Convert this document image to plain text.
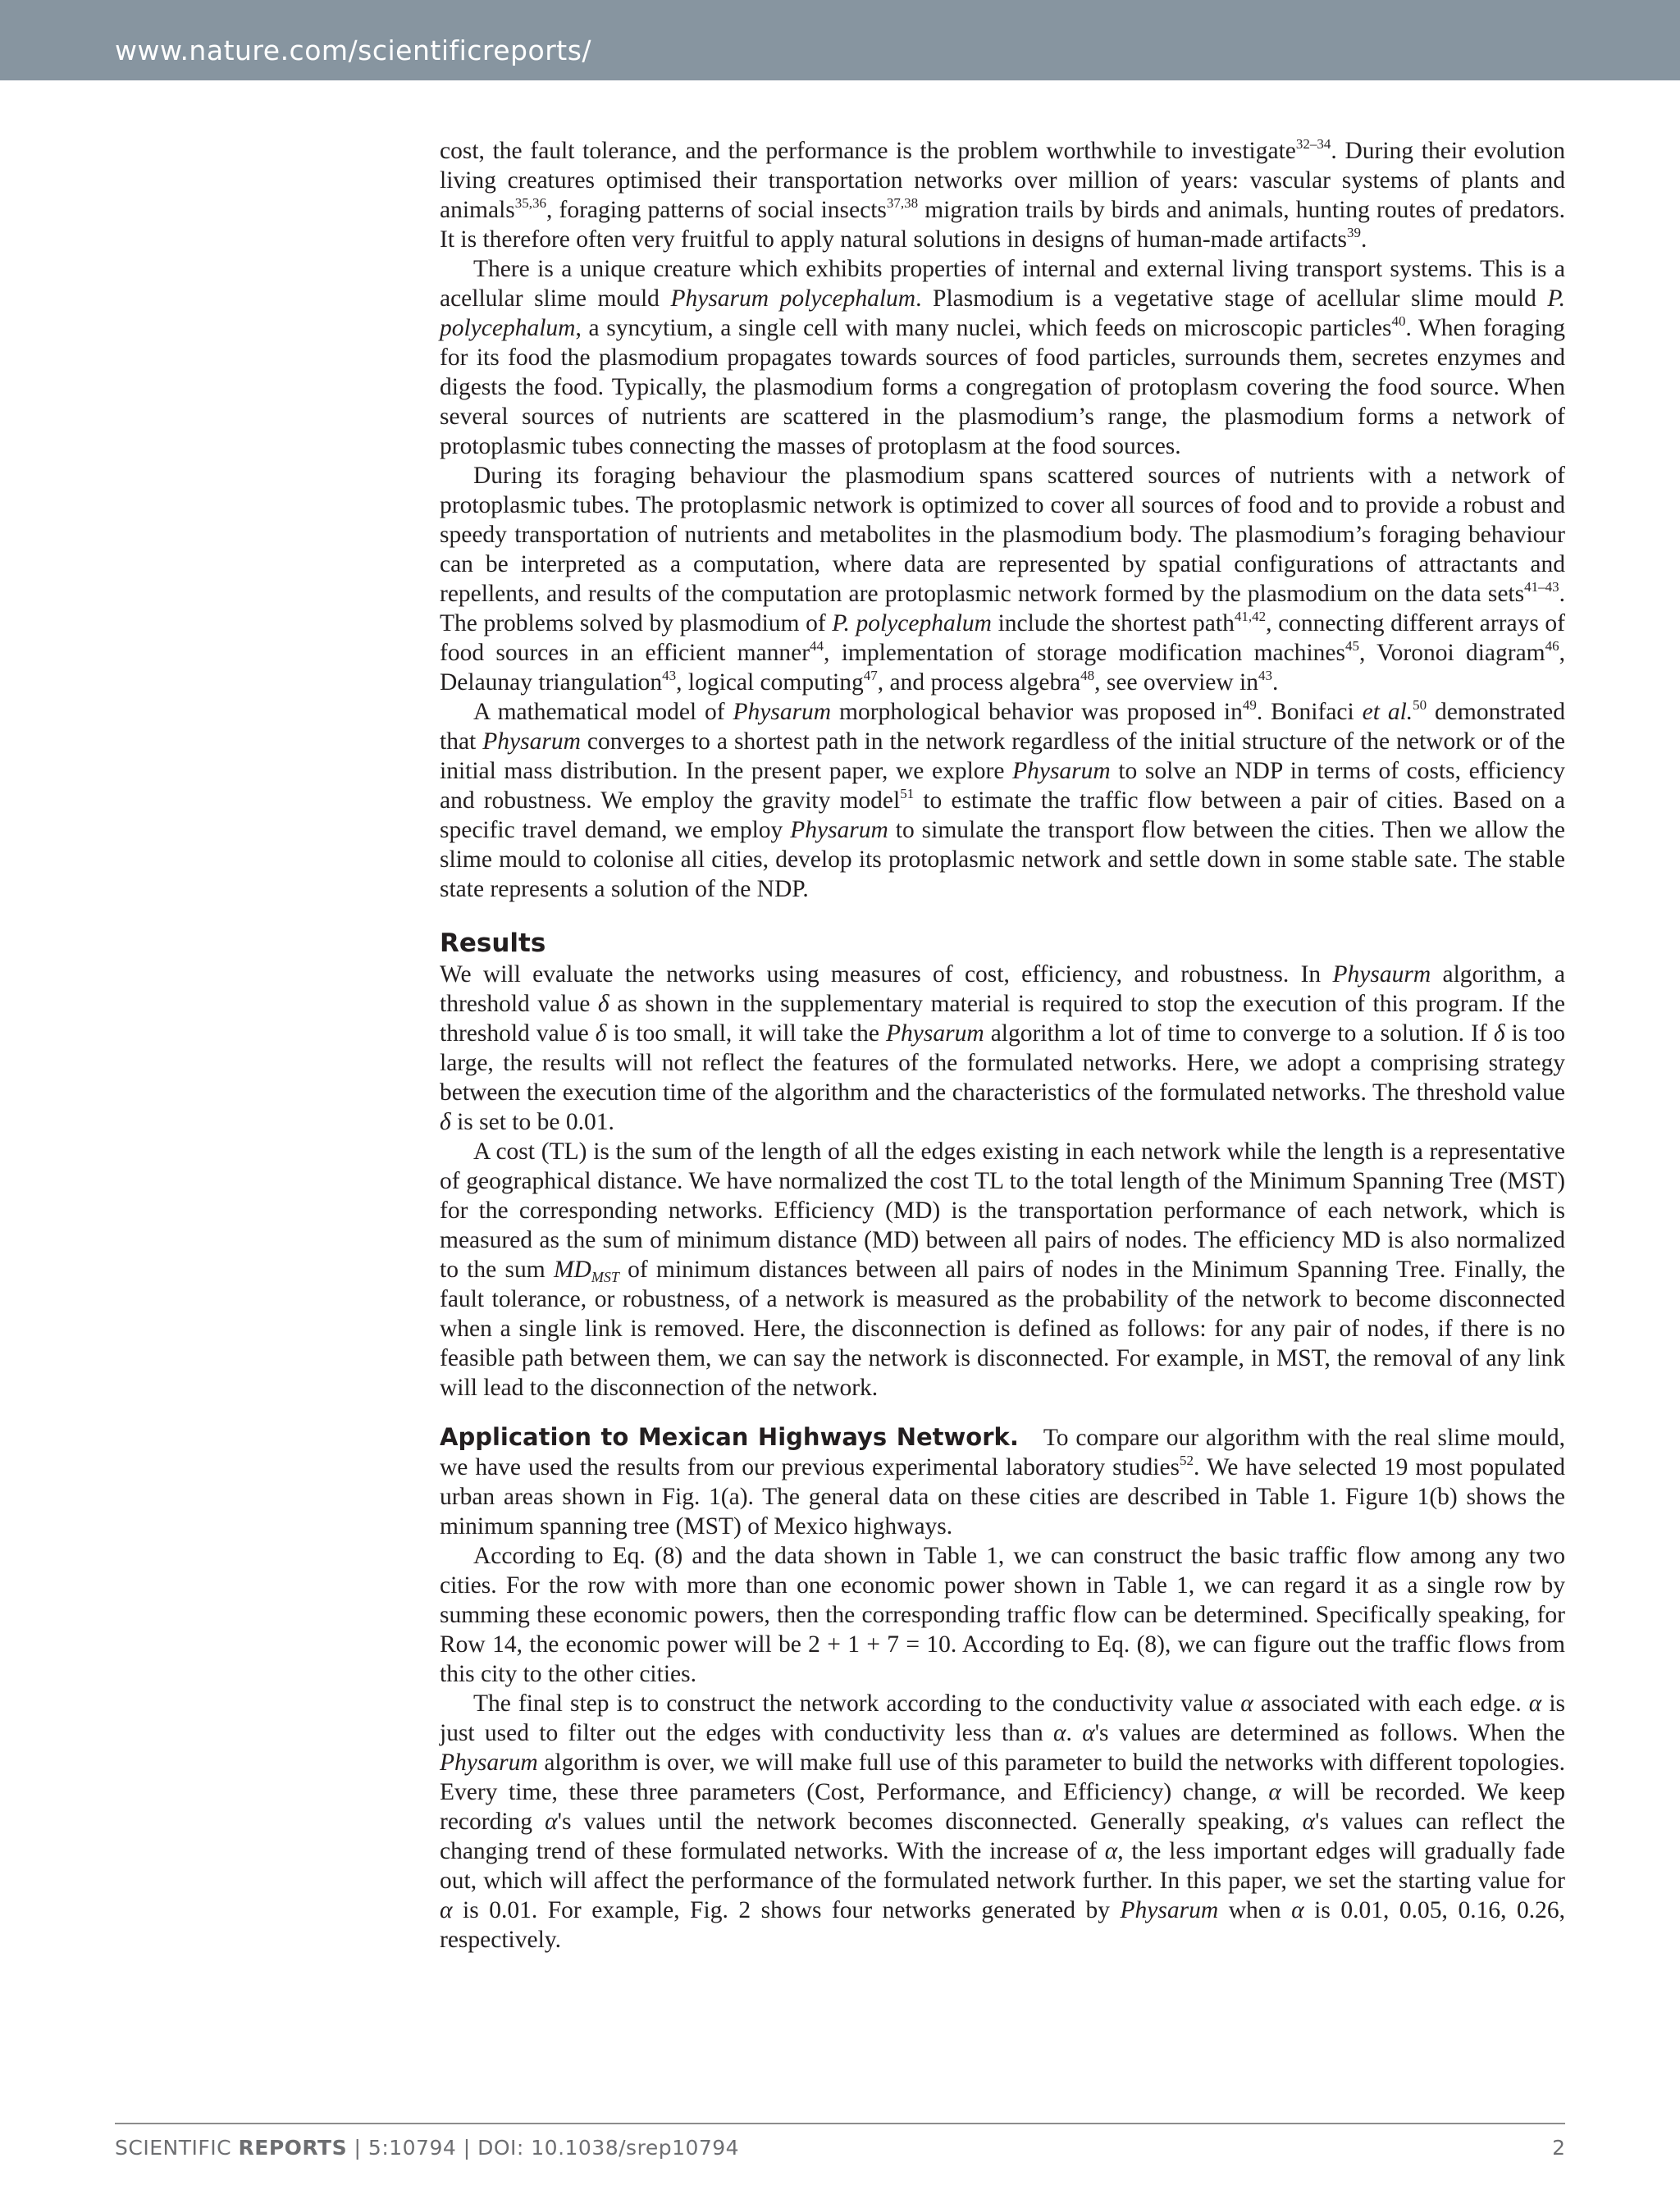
www.nature.com/scientificreports/

cost, the fault tolerance, and the performance is the problem worthwhile to investigate$^{32-34}$. During their evolution living creatures optimised their transportation networks over million of years: vascular systems of plants and animals$^{35,36}$, foraging patterns of social insects$^{37,38}$ migration trails by birds and animals, hunting routes of predators. It is therefore often very fruitful to apply natural solutions in designs of human-made artifacts$^{39}$.

There is a unique creature which exhibits properties of internal and external living transport systems. This is a acellular slime mould Physarum polycephalum. Plasmodium is a vegetative stage of acellular slime mould P. polycephalum, a syncytium, a single cell with many nuclei, which feeds on microscopic particles$^{40}$. When foraging for its food the plasmodium propagates towards sources of food particles, surrounds them, secretes enzymes and digests the food. Typically, the plasmodium forms a congregation of protoplasm covering the food source. When several sources of nutrients are scattered in the plasmodium’s range, the plasmodium forms a network of protoplasmic tubes connecting the masses of protoplasm at the food sources.

During its foraging behaviour the plasmodium spans scattered sources of nutrients with a network of protoplasmic tubes. The protoplasmic network is optimized to cover all sources of food and to provide a robust and speedy transportation of nutrients and metabolites in the plasmodium body. The plasmodium’s foraging behaviour can be interpreted as a computation, where data are represented by spatial configurations of attractants and repellents, and results of the computation are protoplasmic network formed by the plasmodium on the data sets$^{41-43}$. The problems solved by plasmodium of P. polycephalum include the shortest path$^{41,42}$, connecting different arrays of food sources in an efficient manner$^{44}$, implementation of storage modification machines$^{45}$, Voronoi diagram$^{46}$, Delaunay triangulation$^{43}$, logical computing$^{47}$, and process algebra$^{48}$, see overview $in^{43}$.

A mathematical model of Physarum morphological behavior was proposed $in^{49}$. Bonifaci et al.$^{50}$ demonstrated that Physarum converges to a shortest path in the network regardless of the initial structure of the network or of the initial mass distribution. In the present paper, we explore Physarum to solve an NDP in terms of costs, efficiency and robustness. We employ the gravity model$^{51}$ to estimate the traffic flow between a pair of cities. Based on a specific travel demand, we employ Physarum to simulate the transport flow between the cities. Then we allow the slime mould to colonise all cities, develop its protoplasmic network and settle down in some stable sate. The stable state represents a solution of the NDP.

Results

We will evaluate the networks using measures of cost, efficiency, and robustness. In Physaurm algorithm, a threshold value δ as shown in the supplementary material is required to stop the execution of this program. If the threshold value δ is too small, it will take the Physarum algorithm a lot of time to converge to a solution. If δ is too large, the results will not reflect the features of the formulated networks. Here, we adopt a comprising strategy between the execution time of the algorithm and the characteristics of the formulated networks. The threshold value δ is set to be 0.01.

A cost (TL) is the sum of the length of all the edges existing in each network while the length is a representative of geographical distance. We have normalized the cost TL to the total length of the Minimum Spanning Tree (MST) for the corresponding networks. Efficiency (MD) is the transportation performance of each network, which is measured as the sum of minimum distance (MD) between all pairs of nodes. The efficiency MD is also normalized to the sum $MD_{MST}$ of minimum distances between all pairs of nodes in the Minimum Spanning Tree. Finally, the fault tolerance, or robustness, of a network is measured as the probability of the network to become disconnected when a single link is removed. Here, the disconnection is defined as follows: for any pair of nodes, if there is no feasible path between them, we can say the network is disconnected. For example, in MST, the removal of any link will lead to the disconnection of the network.

Application to Mexican Highways Network. To compare our algorithm with the real slime mould, we have used the results from our previous experimental laboratory studies$^{52}$. We have selected 19 most populated urban areas shown in Fig. 1(a). The general data on these cities are described in Table 1. Figure 1(b) shows the minimum spanning tree (MST) of Mexico highways.

According to Eq. (8) and the data shown in Table 1, we can construct the basic traffic flow among any two cities. For the row with more than one economic power shown in Table 1, we can regard it as a single row by summing these economic powers, then the corresponding traffic flow can be determined. Specifically speaking, for Row 14, the economic power will be 2 + 1 + 7 = 10. According to Eq. (8), we can figure out the traffic flows from this city to the other cities.

The final step is to construct the network according to the conductivity value α associated with each edge. α is just used to filter out the edges with conductivity less than α. α's values are determined as follows. When the Physarum algorithm is over, we will make full use of this parameter to build the networks with different topologies. Every time, these three parameters (Cost, Performance, and Efficiency) change, α will be recorded. We keep recording α's values until the network becomes disconnected. Generally speaking, α's values can reflect the changing trend of these formulated networks. With the increase of α, the less important edges will gradually fade out, which will affect the performance of the formulated network further. In this paper, we set the starting value for α is 0.01. For example, Fig. 2 shows four networks generated by Physarum when α is 0.01, 0.05, 0.16, 0.26, respectively.

SCIENTIFIC REPORTS | 5:10794 | DOI: 10.1038/srep10794	2
